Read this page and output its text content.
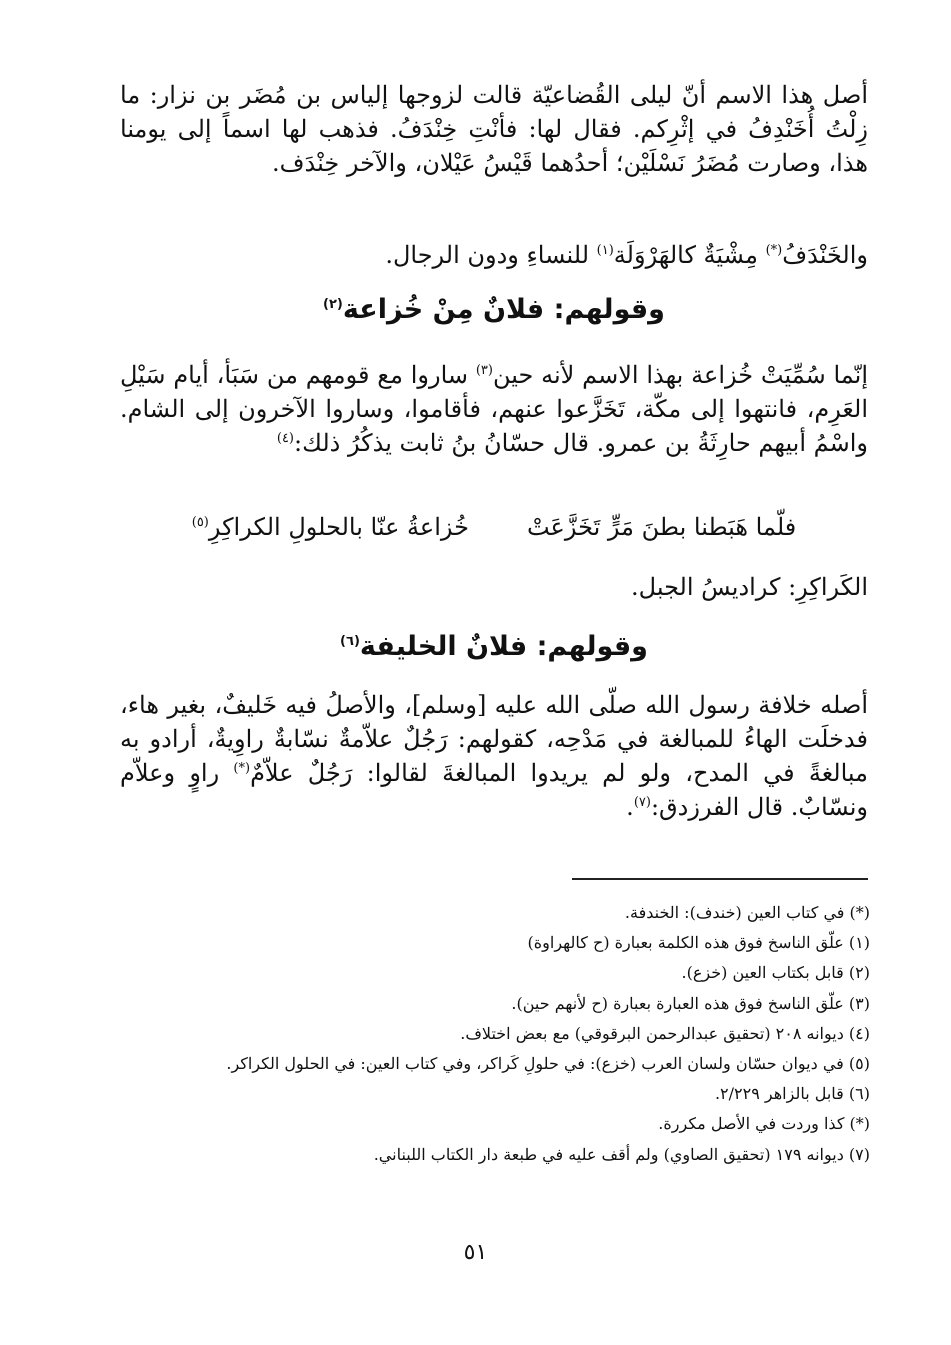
أصل هذا الاسم أنّ ليلى القُضاعيّة قالت لزوجها إلياس بن مُضَر بن نزار: ما زِلْتُ أُخَنْدِفُ في إثْرِكم. فقال لها: فأنْتِ خِنْدَفُ. فذهب لها اسماً إلى يومنا هذا، وصارت مُضَرُ نَسْلَيْن؛ أحدُهما قَيْسُ عَيْلان، والآخر خِنْدَف.

والخَنْدَفُ(*) مِشْيَةٌ كالهَرْوَلَة$^{(١)}$ للنساءِ ودون الرجال.

وقولهم: فلانٌ مِنْ خُزاعة$^{(٢)}$

إنّما سُمِّيَتْ خُزاعة بهذا الاسم لأنه حين$^{(٣)}$ ساروا مع قومهم من سَبَأ، أيام سَيْلِ العَرِم، فانتهوا إلى مكّة، تَخَزَّعوا عنهم، فأقاموا، وساروا الآخرون إلى الشام. واسْمُ أبيهم حارِثَةُ بن عمرو. قال حسّانُ بنُ ثابت يذكُرُ ذلك:$^{(٤)}$

فلّما هَبَطنا بطنَ مَرٍّ تَخَزَّعَتْ
خُزاعةُ عنّا بالحلولِ الكراكِرِ$^{(٥)}$

الكَراكِرِ: كراديسُ الجبل.

وقولهم: فلانٌ الخليفة$^{(٦)}$

أصله خلافة رسول الله صلّى الله عليه [وسلم]، والأصلُ فيه خَليفٌ، بغير هاء، فدخلَت الهاءُ للمبالغة في مَدْحِه، كقولهم: رَجُلٌ علاّمةٌ نسّابةٌ راوِيةٌ، أرادو به مبالغةً في المدح، ولو لم يريدوا المبالغةَ لقالوا: رَجُلٌ علاّمٌ(*) راوٍ وعلاّم ونسّابٌ. قال الفرزدق:$^{(٧)}$.

(*) في كتاب العين (خندف): الخندفة.
(١) علّق الناسخ فوق هذه الكلمة بعبارة (ح كالهراوة)
(٢) قابل بكتاب العين (خزع).
(٣) علّق الناسخ فوق هذه العبارة بعبارة (ح لأنهم حين).
(٤) ديوانه ٢٠٨ (تحقيق عبدالرحمن البرقوقي) مع بعض اختلاف.
(٥) في ديوان حسّان ولسان العرب (خزع): في حلولِ كَراكر، وفي كتاب العين: في الحلول الكراكر.
(٦) قابل بالزاهر ٢/٢٢٩.
(*) كذا وردت في الأصل مكررة.
(٧) ديوانه ١٧٩ (تحقيق الصاوي) ولم أقف عليه في طبعة دار الكتاب اللبناني.
٥١
